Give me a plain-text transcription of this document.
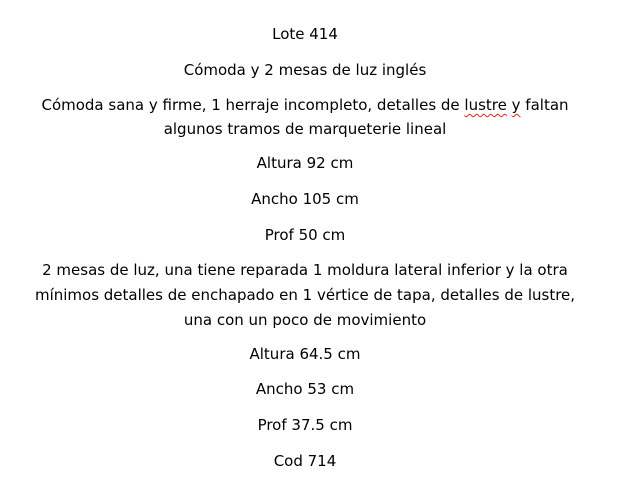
Lote 414
Cómoda y 2 mesas de luz inglés
Cómoda sana y firme, 1 herraje incompleto, detalles de lustre y faltan
algunos tramos de marqueterie lineal
Altura 92 cm
Ancho 105 cm
Prof 50 cm
2 mesas de luz, una tiene reparada 1 moldura lateral inferior y la otra
mínimos detalles de enchapado en 1 vértice de tapa, detalles de lustre,
una con un poco de movimiento
Altura 64.5 cm
Ancho 53 cm
Prof 37.5 cm
Cod 714
